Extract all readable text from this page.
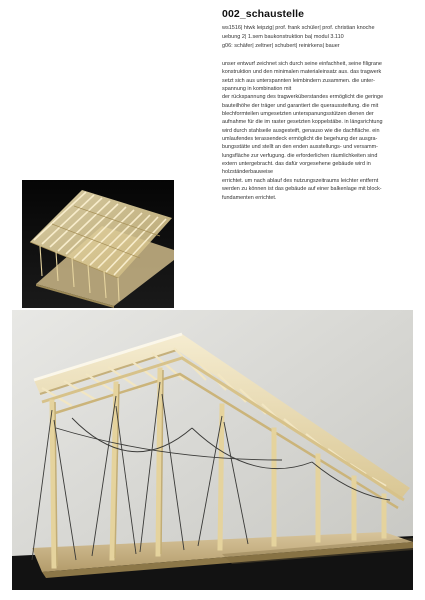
002_schaustelle
ws1516| htwk leipzig| prof. frank schüler| prof. christian knoche
uebung 2| 1.sem baukonstruktion ba| modul 3.110
g06: schäfer| zeltner| schubert| reinirkens| bauer
unser entwurf zeichnet sich durch seine einfachheit, seine filigrane
konstruktion und den minimalen materialeinsatz aus. das tragwerk
setzt sich aus unterspannten leimbindern zusammen. die unter-
spannung in kombination mit
der rückspannung des tragwerküberstandes ermöglicht die geringe
bauteilhöhe der träger und garantiert die queraussteifung. die mit
blechformteilen umgesetzten unterspanungsstützen dienen der
aufnahme für die im raster gesetzten koppelstäbe. in längsrichtung
wird durch stahlseile ausgesteift, genauso wie die dachfläche. ein
umlaufendes terassendeck ermöglicht die begehung der ausgra-
bungsstätte und stellt an den enden ausstellungs- und versamm-
lungsfläche zur verfugung. die erforderlichen räumlichkeiten sind
extern untergebracht. das dafür vorgesehene gebäude wird in
holzständerbauweise
errichtet. um nach ablauf des nutzungszeitraums leichter entfernt
werden zu können ist das gebäude auf einer balkenlage mit block-
fundamenten errichtet.
